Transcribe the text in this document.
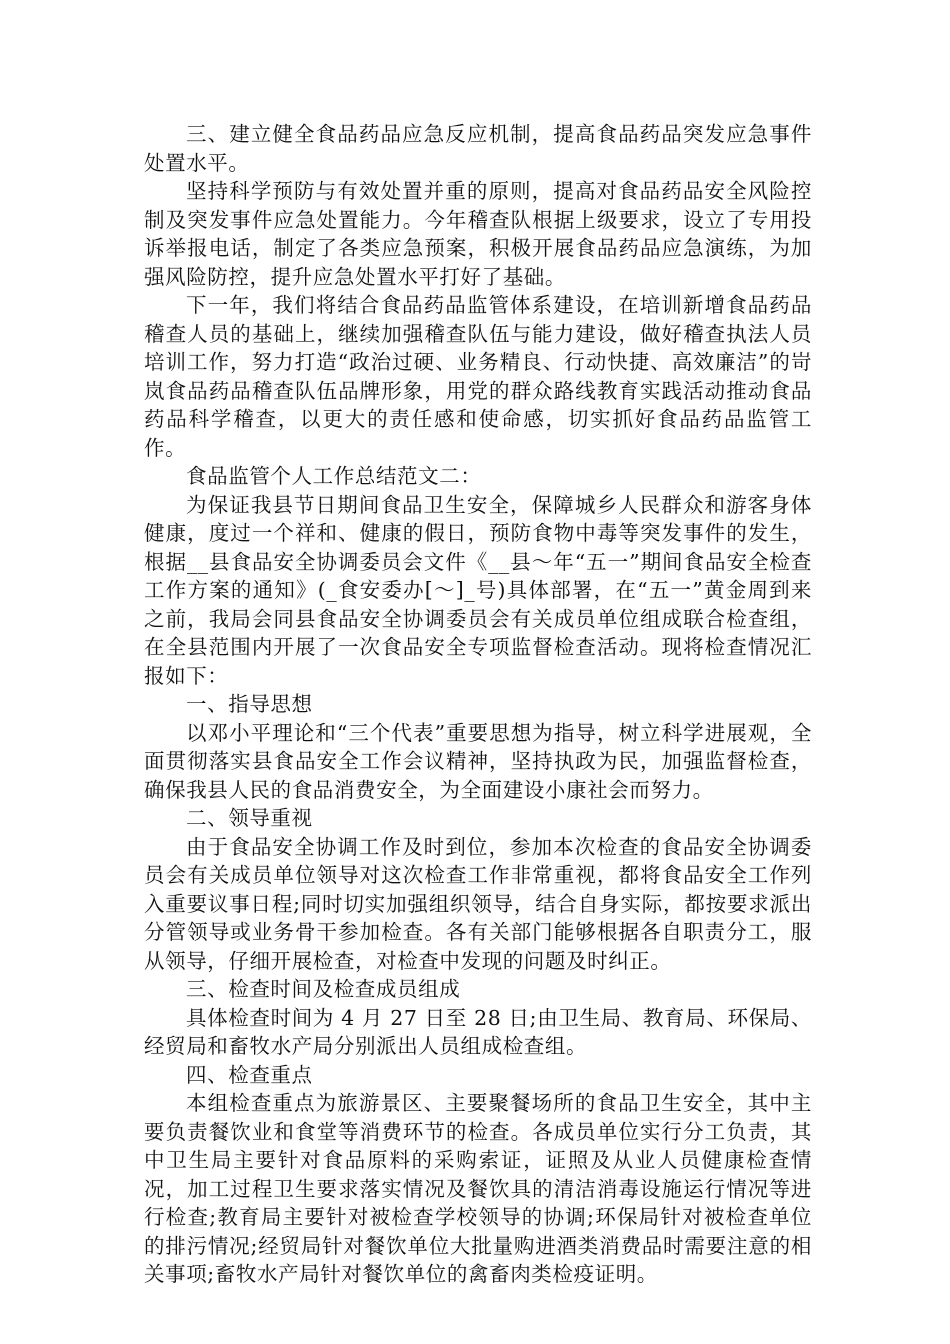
三、建立健全食品药品应急反应机制，提高食品药品突发应急事件处置水平。

坚持科学预防与有效处置并重的原则，提高对食品药品安全风险控制及突发事件应急处置能力。今年稽查队根据上级要求，设立了专用投诉举报电话，制定了各类应急预案，积极开展食品药品应急演练，为加强风险防控，提升应急处置水平打好了基础。

下一年，我们将结合食品药品监管体系建设，在培训新增食品药品稽查人员的基础上，继续加强稽查队伍与能力建设，做好稽查执法人员培训工作，努力打造“政治过硬、业务精良、行动快捷、高效廉洁”的岢岚食品药品稽查队伍品牌形象，用党的群众路线教育实践活动推动食品药品科学稽查，以更大的责任感和使命感，切实抓好食品药品监管工作。

食品监管个人工作总结范文二：

为保证我县节日期间食品卫生安全，保障城乡人民群众和游客身体健康，度过一个祥和、健康的假日，预防食物中毒等突发事件的发生，根据__县食品安全协调委员会文件《__县～年“五一”期间食品安全检查工作方案的通知》(_食安委办[～]_号)具体部署，在“五一”黄金周到来之前，我局会同县食品安全协调委员会有关成员单位组成联合检查组，在全县范围内开展了一次食品安全专项监督检查活动。现将检查情况汇报如下：

一、指导思想

以邓小平理论和“三个代表”重要思想为指导，树立科学进展观，全面贯彻落实县食品安全工作会议精神，坚持执政为民，加强监督检查，确保我县人民的食品消费安全，为全面建设小康社会而努力。

二、领导重视

由于食品安全协调工作及时到位，参加本次检查的食品安全协调委员会有关成员单位领导对这次检查工作非常重视，都将食品安全工作列入重要议事日程;同时切实加强组织领导，结合自身实际，都按要求派出分管领导或业务骨干参加检查。各有关部门能够根据各自职责分工，服从领导，仔细开展检查，对检查中发现的问题及时纠正。

三、检查时间及检查成员组成

具体检查时间为 4 月 27 日至 28 日;由卫生局、教育局、环保局、经贸局和畜牧水产局分别派出人员组成检查组。

四、检查重点

本组检查重点为旅游景区、主要聚餐场所的食品卫生安全，其中主要负责餐饮业和食堂等消费环节的检查。各成员单位实行分工负责，其中卫生局主要针对食品原料的采购索证，证照及从业人员健康检查情况，加工过程卫生要求落实情况及餐饮具的清洁消毒设施运行情况等进行检查;教育局主要针对被检查学校领导的协调;环保局针对被检查单位的排污情况;经贸局针对餐饮单位大批量购进酒类消费品时需要注意的相关事项;畜牧水产局针对餐饮单位的禽畜肉类检疫证明。
